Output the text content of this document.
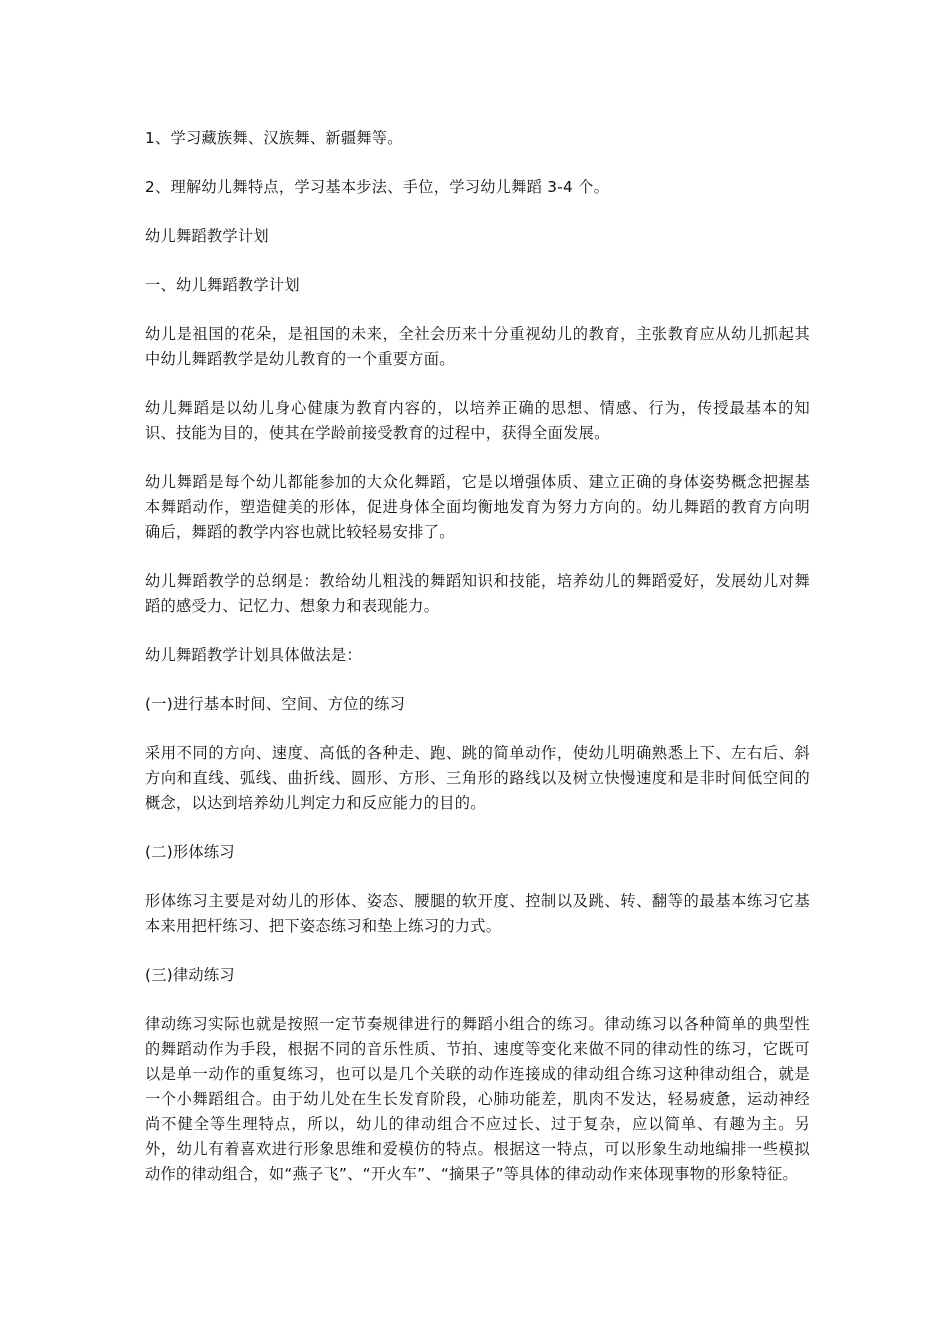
1、学习藏族舞、汉族舞、新疆舞等。

2、理解幼儿舞特点，学习基本步法、手位，学习幼儿舞蹈 3-4 个。

幼儿舞蹈教学计划

一、幼儿舞蹈教学计划

幼儿是祖国的花朵，是祖国的未来，全社会历来十分重视幼儿的教育，主张教育应从幼儿抓起其中幼儿舞蹈教学是幼儿教育的一个重要方面。

幼儿舞蹈是以幼儿身心健康为教育内容的，以培养正确的思想、情感、行为，传授最基本的知识、技能为目的，使其在学龄前接受教育的过程中，获得全面发展。

幼儿舞蹈是每个幼儿都能参加的大众化舞蹈，它是以增强体质、建立正确的身体姿势概念把握基本舞蹈动作，塑造健美的形体，促进身体全面均衡地发育为努力方向的。幼儿舞蹈的教育方向明确后，舞蹈的教学内容也就比较轻易安排了。

幼儿舞蹈教学的总纲是：教给幼儿粗浅的舞蹈知识和技能，培养幼儿的舞蹈爱好，发展幼儿对舞蹈的感受力、记忆力、想象力和表现能力。

幼儿舞蹈教学计划具体做法是：

(一)进行基本时间、空间、方位的练习

采用不同的方向、速度、高低的各种走、跑、跳的简单动作，使幼儿明确熟悉上下、左右后、斜方向和直线、弧线、曲折线、圆形、方形、三角形的路线以及树立快慢速度和是非时间低空间的概念，以达到培养幼儿判定力和反应能力的目的。

(二)形体练习

形体练习主要是对幼儿的形体、姿态、腰腿的软开度、控制以及跳、转、翻等的最基本练习它基本来用把杆练习、把下姿态练习和垫上练习的力式。

(三)律动练习

律动练习实际也就是按照一定节奏规律进行的舞蹈小组合的练习。律动练习以各种简单的典型性的舞蹈动作为手段，根据不同的音乐性质、节拍、速度等变化来做不同的律动性的练习，它既可以是单一动作的重复练习，也可以是几个关联的动作连接成的律动组合练习这种律动组合，就是一个小舞蹈组合。由于幼儿处在生长发育阶段，心肺功能差，肌肉不发达，轻易疲惫，运动神经尚不健全等生理特点，所以，幼儿的律动组合不应过长、过于复杂，应以简单、有趣为主。另外，幼儿有着喜欢进行形象思维和爱模仿的特点。根据这一特点，可以形象生动地编排一些模拟动作的律动组合，如“燕子飞”、“开火车”、“摘果子”等具体的律动动作来体现事物的形象特征。
